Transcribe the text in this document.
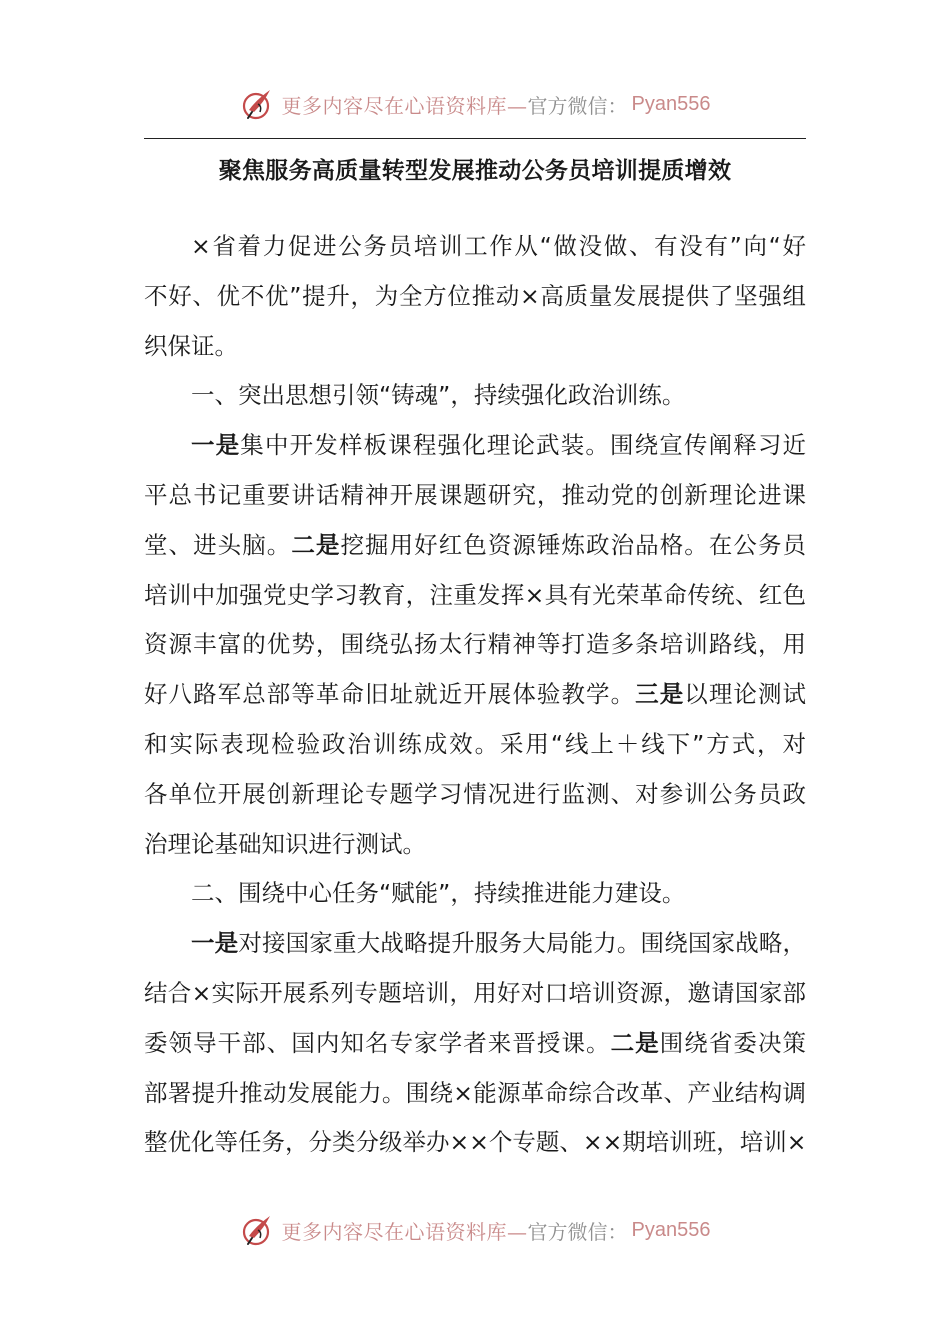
更多内容尽在心语资料库— 官方微信： Pyan556
聚焦服务高质量转型发展推动公务员培训提质增效
×省着力促进公务员培训工作从“做没做、有没有”向“好
不好、优不优”提升，为全方位推动×高质量发展提供了坚强组
织保证。
一、突出思想引领“铸魂”，持续强化政治训练。
一是集中开发样板课程强化理论武装。围绕宣传阐释习近
平总书记重要讲话精神开展课题研究，推动党的创新理论进课
堂、进头脑。二是挖掘用好红色资源锤炼政治品格。在公务员
培训中加强党史学习教育，注重发挥×具有光荣革命传统、红色
资源丰富的优势，围绕弘扬太行精神等打造多条培训路线，用
好八路军总部等革命旧址就近开展体验教学。三是以理论测试
和实际表现检验政治训练成效。采用“线上＋线下”方式，对
各单位开展创新理论专题学习情况进行监测、对参训公务员政
治理论基础知识进行测试。
二、围绕中心任务“赋能”，持续推进能力建设。
一是对接国家重大战略提升服务大局能力。围绕国家战略，
结合×实际开展系列专题培训，用好对口培训资源，邀请国家部
委领导干部、国内知名专家学者来晋授课。二是围绕省委决策
部署提升推动发展能力。围绕×能源革命综合改革、产业结构调
整优化等任务，分类分级举办××个专题、××期培训班，培训×
更多内容尽在心语资料库— 官方微信： Pyan556
